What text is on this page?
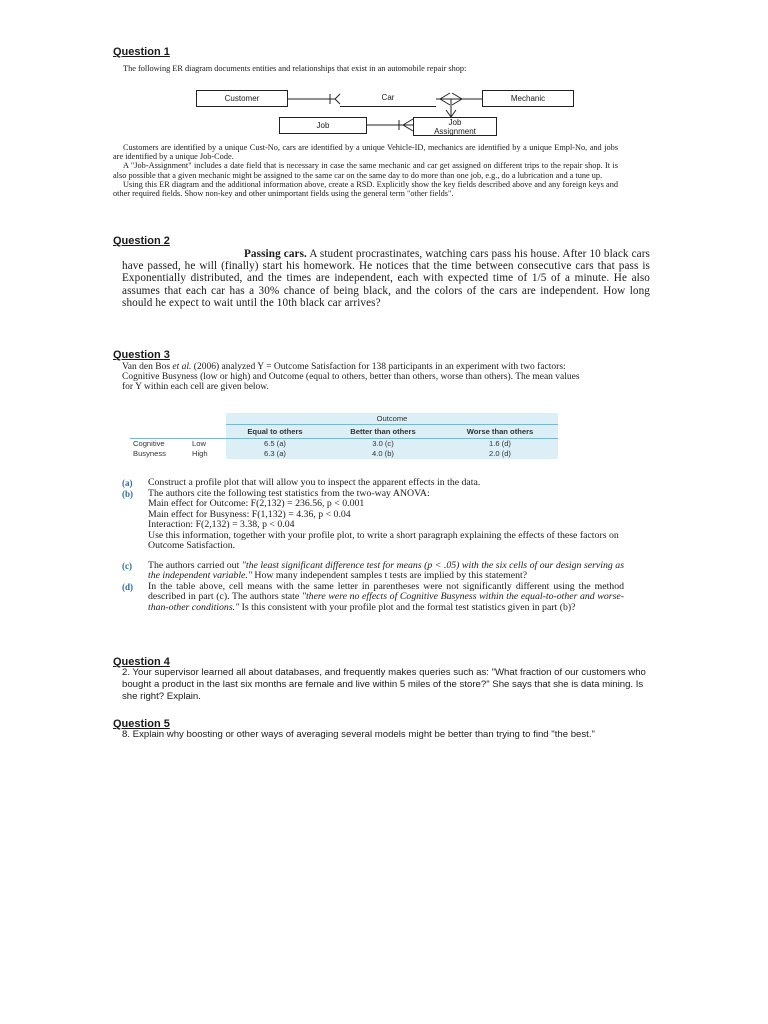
Question 1

The following ER diagram documents entities and relationships that exist in an automobile repair shop:

Customer	Car	Mechanic
Job	Job
Assignment

Customers are identified by a unique Cust-No, cars are identified by a unique Vehicle-ID, mechanics are identified by a unique Empl-No, and jobs are identified by a unique Job-Code.

A "Job-Assignment" includes a date field that is necessary in case the same mechanic and car get assigned on different trips to the repair shop. It is also possible that a given mechanic might be assigned to the same car on the same day to do more than one job, e.g., do a lubrication and a tune up.

Using this ER diagram and the additional information above, create a RSD. Explicitly show the key fields described above and any foreign keys and other required fields. Show non-key and other unimportant fields using the general term "other fields".

Question 2
Passing cars. A student procrastinates, watching cars pass his house. After 10 black cars have passed, he will (finally) start his homework. He notices that the time between consecutive cars that pass is Exponentially distributed, and the times are independent, each with expected time of 1/5 of a minute. He also assumes that each car has a 30% chance of being black, and the colors of the cars are independent. How long should he expect to wait until the 10th black car arrives?
Question 3
Van den Bos et al. (2006) analyzed Y = Outcome Satisfaction for 138 participants in an experiment with two factors: Cognitive Busyness (low or high) and Outcome (equal to others, better than others, worse than others). The mean values for Y within each cell are given below.
		Outcome		
		Equal to others	Better than others	Worse than others
Cognitive	Low	6.5 (a)	3.0 (c)	1.6 (d)
Busyness	High	6.3 (a)	4.0 (b)	2.0 (d)

(a) Construct a profile plot that will allow you to inspect the apparent effects in the data.

(b) The authors cite the following test statistics from the two-way ANOVA:
Main effect for Outcome: F(2,132) = 236.56, p < 0.001
Main effect for Busyness: F(1,132) = 4.36, p < 0.04
Interaction: F(2,132) = 3.38, p < 0.04
Use this information, together with your profile plot, to write a short paragraph explaining the effects of these factors on Outcome Satisfaction.

(c) The authors carried out "the least significant difference test for means (p < .05) with the six cells of our design serving as the independent variable." How many independent samples t tests are implied by this statement?

(d) In the table above, cell means with the same letter in parentheses were not significantly different using the method described in part (c). The authors state "there were no effects of Cognitive Busyness within the equal-to-other and worse-than-other conditions." Is this consistent with your profile plot and the formal test statistics given in part (b)?

Question 4
2. Your supervisor learned all about databases, and frequently makes queries such as: "What fraction of our customers who bought a product in the last six months are female and live within 5 miles of the store?" She says that she is data mining. Is she right? Explain.
Question 5
8. Explain why boosting or other ways of averaging several models might be better than trying to find "the best."
